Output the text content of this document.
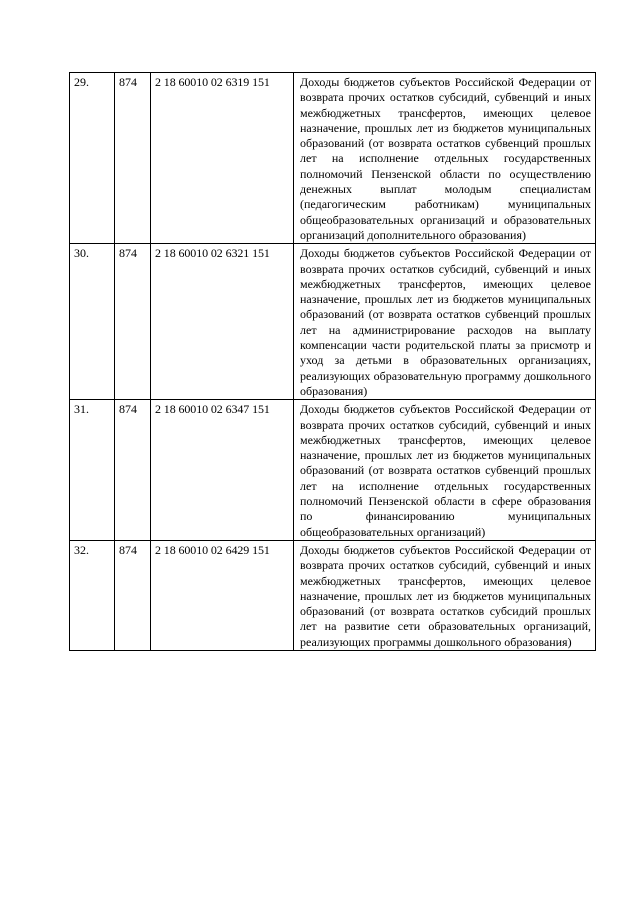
29.	874	2 18 60010 02 6319 151	Доходы бюджетов субъектов Российской Федерации от возврата прочих остатков субсидий, субвенций и иных межбюджетных трансфертов, имеющих целевое назначение, прошлых лет из бюджетов муниципальных образований (от возврата остатков субвенций прошлых лет на исполнение отдельных государственных полномочий Пензенской области по осуществлению денежных выплат молодым специалистам (педагогическим работникам) муниципальных общеобразовательных организаций и образовательных организаций дополнительного образования)
30.	874	2 18 60010 02 6321 151	Доходы бюджетов субъектов Российской Федерации от возврата прочих остатков субсидий, субвенций и иных межбюджетных трансфертов, имеющих целевое назначение, прошлых лет из бюджетов муниципальных образований (от возврата остатков субвенций прошлых лет на администрирование расходов на выплату компенсации части родительской платы за присмотр и уход за детьми в образовательных организациях, реализующих образовательную программу дошкольного образования)
31.	874	2 18 60010 02 6347 151	Доходы бюджетов субъектов Российской Федерации от возврата прочих остатков субсидий, субвенций и иных межбюджетных трансфертов, имеющих целевое назначение, прошлых лет из бюджетов муниципальных образований (от возврата остатков субвенций прошлых лет на исполнение отдельных государственных полномочий Пензенской области в сфере образования по финансированию муниципальных общеобразовательных организаций)
32.	874	2 18 60010 02 6429 151	Доходы бюджетов субъектов Российской Федерации от возврата прочих остатков субсидий, субвенций и иных межбюджетных трансфертов, имеющих целевое назначение, прошлых лет из бюджетов муниципальных образований (от возврата остатков субсидий прошлых лет на развитие сети образовательных организаций, реализующих программы дошкольного образования)
